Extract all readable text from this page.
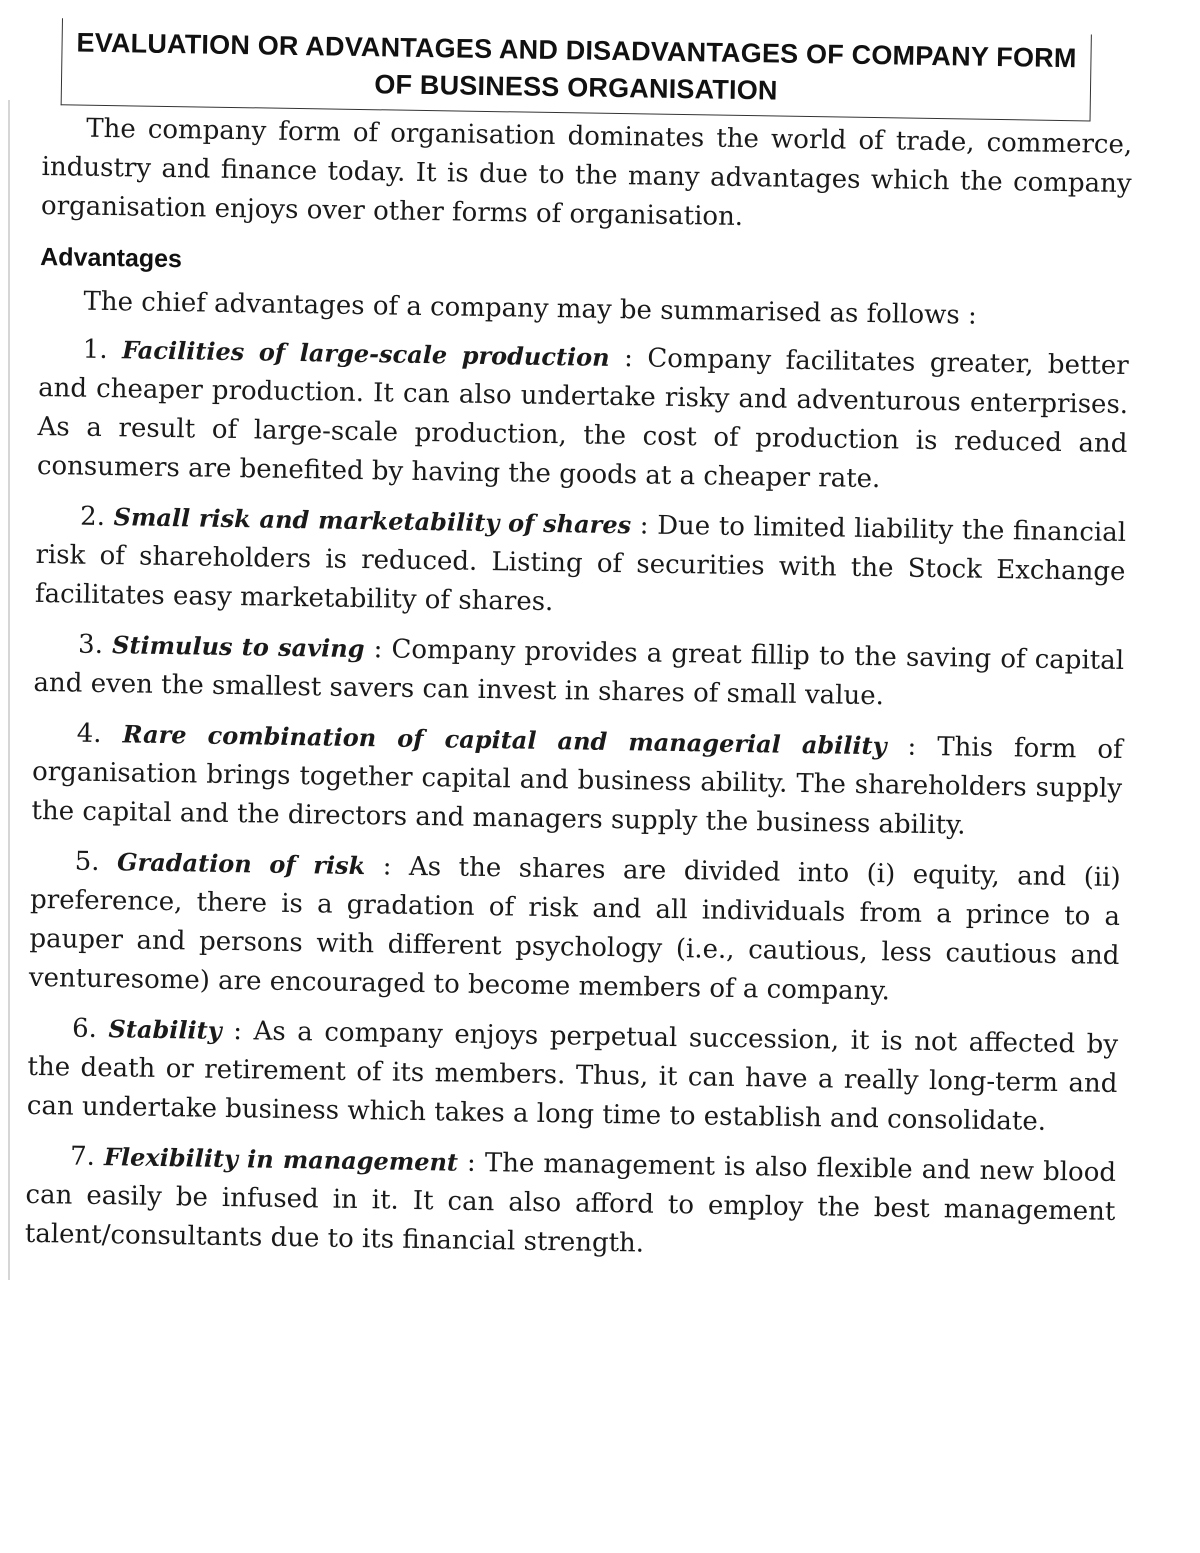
EVALUATION OR ADVANTAGES AND DISADVANTAGES OF COMPANY FORM
OF BUSINESS ORGANISATION

The company form of organisation dominates the world of trade, commerce, industry and finance today. It is due to the many advantages which the company organisation enjoys over other forms of organisation.

Advantages

The chief advantages of a company may be summarised as follows :

1. Facilities of large-scale production : Company facilitates greater, better and cheaper production. It can also undertake risky and adventurous enterprises. As a result of large-scale production, the cost of production is reduced and consumers are benefited by having the goods at a cheaper rate.
2. Small risk and marketability of shares : Due to limited liability the financial risk of shareholders is reduced. Listing of securities with the Stock Exchange facilitates easy marketability of shares.
3. Stimulus to saving : Company provides a great fillip to the saving of capital and even the smallest savers can invest in shares of small value.
4. Rare combination of capital and managerial ability : This form of organisation brings together capital and business ability. The shareholders supply the capital and the directors and managers supply the business ability.
5. Gradation of risk : As the shares are divided into (i) equity, and (ii) preference, there is a gradation of risk and all individuals from a prince to a pauper and persons with different psychology (i.e., cautious, less cautious and venturesome) are encouraged to become members of a company.
6. Stability : As a company enjoys perpetual succession, it is not affected by the death or retirement of its members. Thus, it can have a really long-term and can undertake business which takes a long time to establish and consolidate.
7. Flexibility in management : The management is also flexible and new blood can easily be infused in it. It can also afford to employ the best management talent/consultants due to its financial strength.
